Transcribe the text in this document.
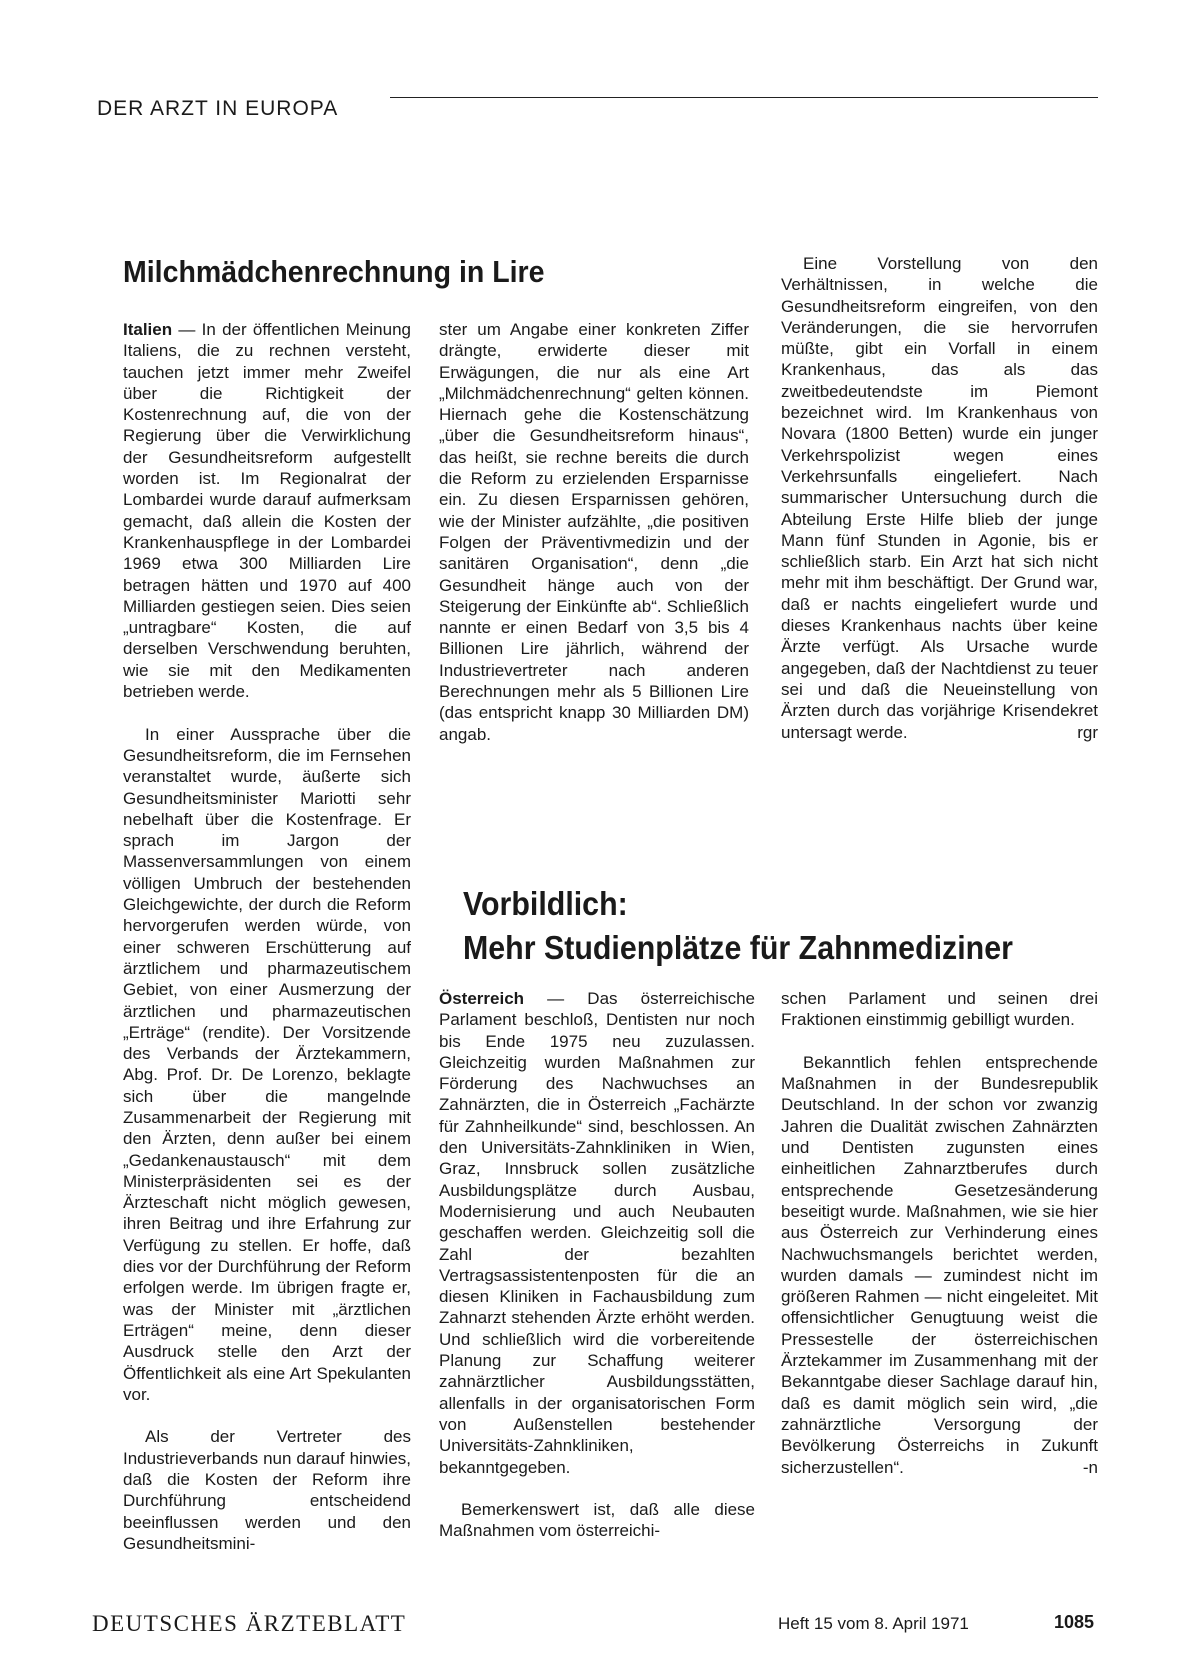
DER ARZT IN EUROPA
Milchmädchenrechnung in Lire

Italien — In der öffentlichen Meinung Italiens, die zu rechnen versteht, tauchen jetzt immer mehr Zweifel über die Richtigkeit der Kostenrechnung auf, die von der Regierung über die Verwirklichung der Gesundheitsreform aufgestellt worden ist. Im Regionalrat der Lombardei wurde darauf aufmerksam gemacht, daß allein die Kosten der Krankenhauspflege in der Lombardei 1969 etwa 300 Milliarden Lire betragen hätten und 1970 auf 400 Milliarden gestiegen seien. Dies seien „untragbare“ Kosten, die auf derselben Verschwendung beruhten, wie sie mit den Medikamenten betrieben werde.

In einer Aussprache über die Gesundheitsreform, die im Fernsehen veranstaltet wurde, äußerte sich Gesundheitsminister Mariotti sehr nebelhaft über die Kostenfrage. Er sprach im Jargon der Massenversammlungen von einem völligen Umbruch der bestehenden Gleichgewichte, der durch die Reform hervorgerufen werden würde, von einer schweren Erschütterung auf ärztlichem und pharmazeutischem Gebiet, von einer Ausmerzung der ärztlichen und pharmazeutischen „Erträge“ (rendite). Der Vorsitzende des Verbands der Ärztekammern, Abg. Prof. Dr. De Lorenzo, beklagte sich über die mangelnde Zusammenarbeit der Regierung mit den Ärzten, denn außer bei einem „Gedankenaustausch“ mit dem Ministerpräsidenten sei es der Ärzteschaft nicht möglich gewesen, ihren Beitrag und ihre Erfahrung zur Verfügung zu stellen. Er hoffe, daß dies vor der Durchführung der Reform erfolgen werde. Im übrigen fragte er, was der Minister mit „ärztlichen Erträgen“ meine, denn dieser Ausdruck stelle den Arzt der Öffentlichkeit als eine Art Spekulanten vor.

Als der Vertreter des Industrieverbands nun darauf hinwies, daß die Kosten der Reform ihre Durchführung entscheidend beeinflussen werden und den Gesundheitsmini-

ster um Angabe einer konkreten Ziffer drängte, erwiderte dieser mit Erwägungen, die nur als eine Art „Milchmädchenrechnung“ gelten können. Hiernach gehe die Kostenschätzung „über die Gesundheitsreform hinaus“, das heißt, sie rechne bereits die durch die Reform zu erzielenden Ersparnisse ein. Zu diesen Ersparnissen gehören, wie der Minister aufzählte, „die positiven Folgen der Präventivmedizin und der sanitären Organisation“, denn „die Gesundheit hänge auch von der Steigerung der Einkünfte ab“. Schließlich nannte er einen Bedarf von 3,5 bis 4 Billionen Lire jährlich, während der Industrievertreter nach anderen Berechnungen mehr als 5 Billionen Lire (das entspricht knapp 30 Milliarden DM) angab.

Eine Vorstellung von den Verhältnissen, in welche die Gesundheitsreform eingreifen, von den Veränderungen, die sie hervorrufen müßte, gibt ein Vorfall in einem Krankenhaus, das als das zweitbedeutendste im Piemont bezeichnet wird. Im Krankenhaus von Novara (1800 Betten) wurde ein junger Verkehrspolizist wegen eines Verkehrsunfalls eingeliefert. Nach summarischer Untersuchung durch die Abteilung Erste Hilfe blieb der junge Mann fünf Stunden in Agonie, bis er schließlich starb. Ein Arzt hat sich nicht mehr mit ihm beschäftigt. Der Grund war, daß er nachts eingeliefert wurde und dieses Krankenhaus nachts über keine Ärzte verfügt. Als Ursache wurde angegeben, daß der Nachtdienst zu teuer sei und daß die Neueinstellung von Ärzten durch das vorjährige Krisendekret untersagt werde.	rgr

Vorbildlich:
Mehr Studienplätze für Zahnmediziner

Österreich — Das österreichische Parlament beschloß, Dentisten nur noch bis Ende 1975 neu zuzulassen. Gleichzeitig wurden Maßnahmen zur Förderung des Nachwuchses an Zahnärzten, die in Österreich „Fachärzte für Zahnheilkunde“ sind, beschlossen. An den Universitäts-Zahnkliniken in Wien, Graz, Innsbruck sollen zusätzliche Ausbildungsplätze durch Ausbau, Modernisierung und auch Neubauten geschaffen werden. Gleichzeitig soll die Zahl der bezahlten Vertragsassistentenposten für die an diesen Kliniken in Fachausbildung zum Zahnarzt stehenden Ärzte erhöht werden. Und schließlich wird die vorbereitende Planung zur Schaffung weiterer zahnärztlicher Ausbildungsstätten, allenfalls in der organisatorischen Form von Außenstellen bestehender Universitäts-Zahnkliniken, bekanntgegeben.

Bemerkenswert ist, daß alle diese Maßnahmen vom österreichi-

schen Parlament und seinen drei Fraktionen einstimmig gebilligt wurden.

Bekanntlich fehlen entsprechende Maßnahmen in der Bundesrepublik Deutschland. In der schon vor zwanzig Jahren die Dualität zwischen Zahnärzten und Dentisten zugunsten eines einheitlichen Zahnarztberufes durch entsprechende Gesetzesänderung beseitigt wurde. Maßnahmen, wie sie hier aus Österreich zur Verhinderung eines Nachwuchsmangels berichtet werden, wurden damals — zumindest nicht im größeren Rahmen — nicht eingeleitet. Mit offensichtlicher Genugtuung weist die Pressestelle der österreichischen Ärztekammer im Zusammenhang mit der Bekanntgabe dieser Sachlage darauf hin, daß es damit möglich sein wird, „die zahnärztliche Versorgung der Bevölkerung Österreichs in Zukunft sicherzustellen“.	-n

DEUTSCHES ÄRZTEBLATT	Heft 15 vom 8. April 1971	1085
